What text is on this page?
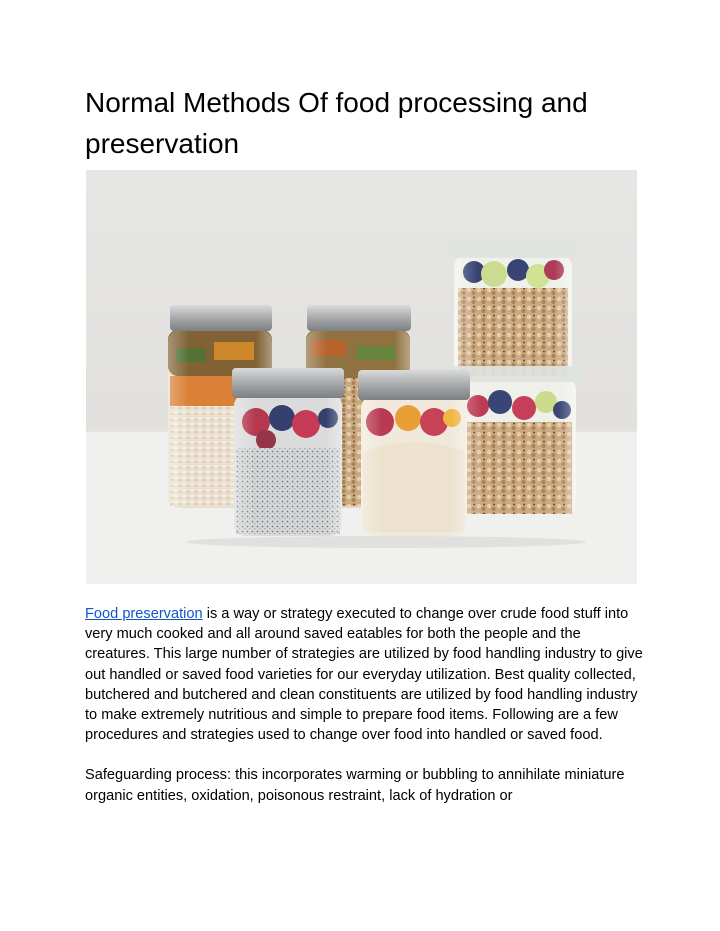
Normal Methods Of food processing and preservation

Food preservation is a way or strategy executed to change over crude food stuff into very much cooked and all around saved eatables for both the people and the creatures. This large number of strategies are utilized by food handling industry to give out handled or saved food varieties for our everyday utilization. Best quality collected, butchered and butchered and clean constituents are utilized by food handling industry to make extremely nutritious and simple to prepare food items. Following are a few procedures and strategies used to change over food into handled or saved food.

Safeguarding process: this incorporates warming or bubbling to annihilate miniature organic entities, oxidation, poisonous restraint, lack of hydration or
